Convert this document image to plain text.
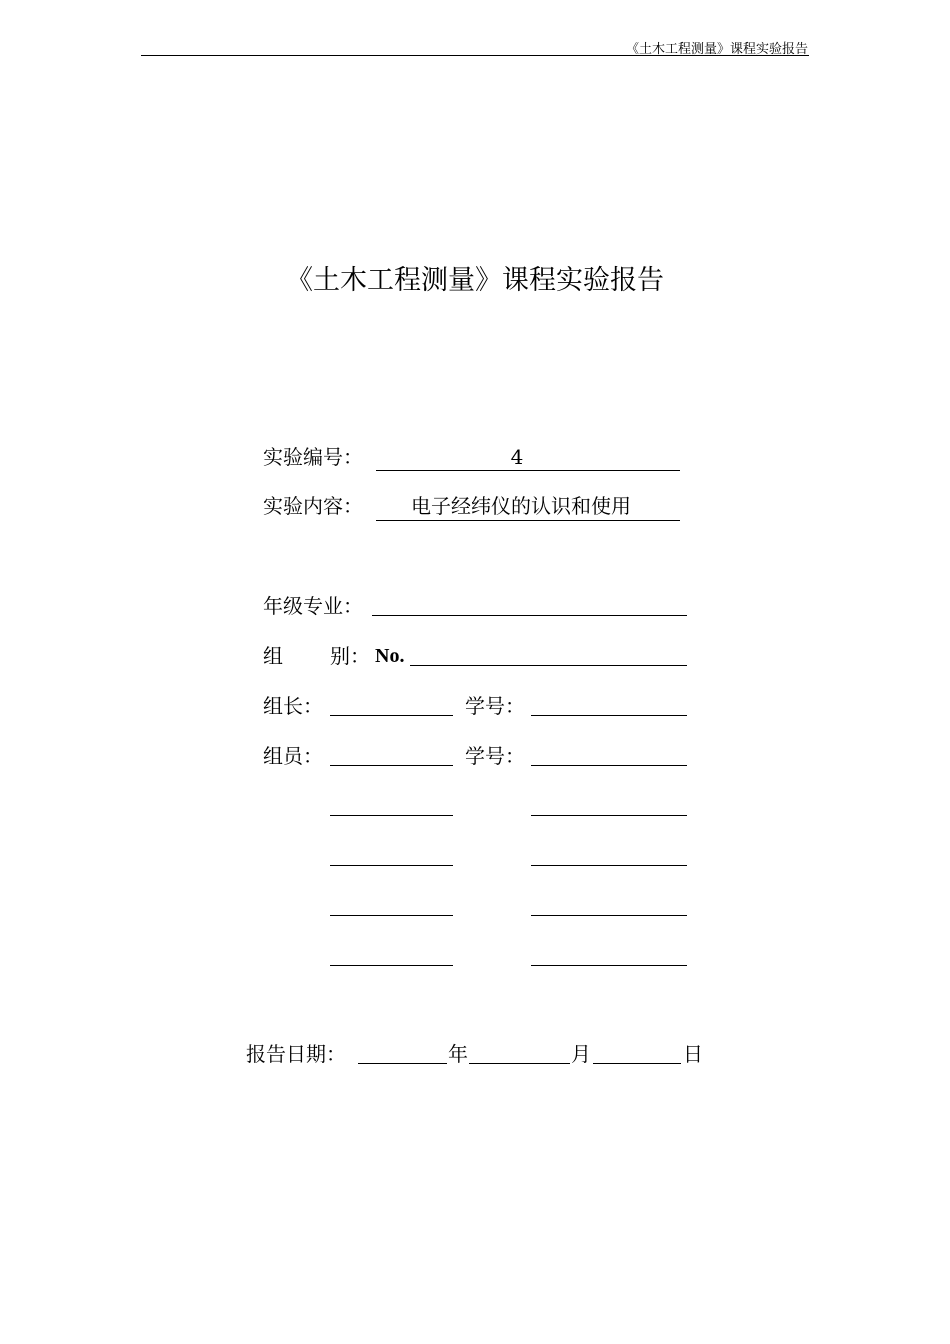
《土木工程测量》课程实验报告
《土木工程测量》课程实验报告
实验编号：	4
实验内容：	电子经纬仪的认识和使用
年级专业：
组 别： No.
组长：	学号：
组员：	学号：
报告日期：	年	月	日
